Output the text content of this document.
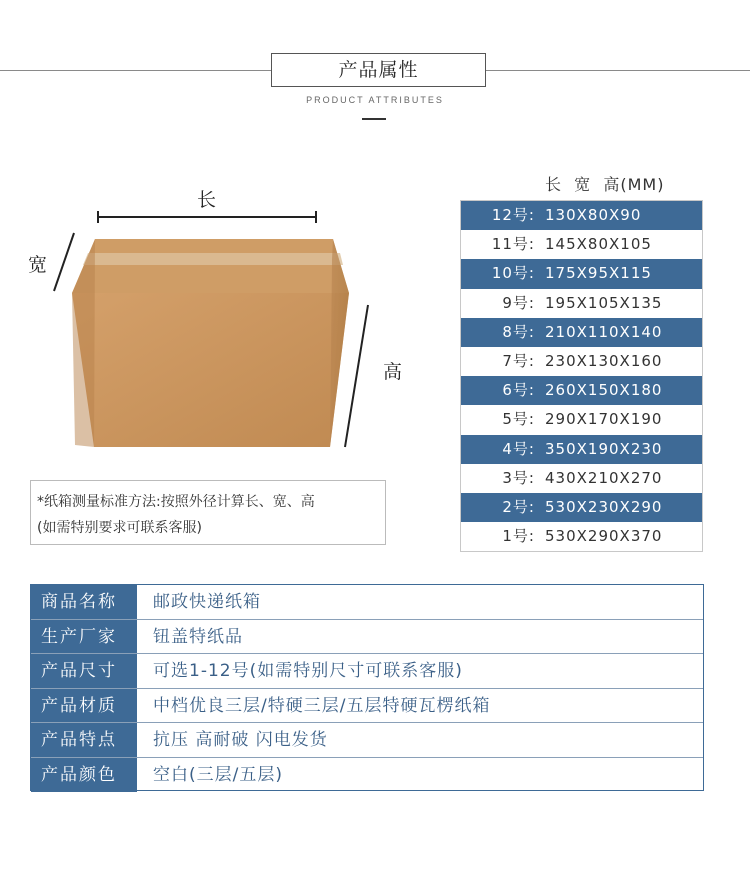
产品属性
PRODUCT ATTRIBUTES
长
宽
高
*纸箱测量标准方法:按照外径计算长、宽、高
(如需特别要求可联系客服)
长  宽  高(MM)
12号: 130X80X90
11号: 145X80X105
10号: 175X95X115
9号: 195X105X135
8号: 210X110X140
7号: 230X130X160
6号: 260X150X180
5号: 290X170X190
4号: 350X190X230
3号: 430X210X270
2号: 530X230X290
1号: 530X290X370
商品名称	邮政快递纸箱
生产厂家	钮盖特纸品
产品尺寸	可选1-12号(如需特别尺寸可联系客服)
产品材质	中档优良三层/特硬三层/五层特硬瓦楞纸箱
产品特点	抗压 高耐破 闪电发货
产品颜色	空白(三层/五层)
